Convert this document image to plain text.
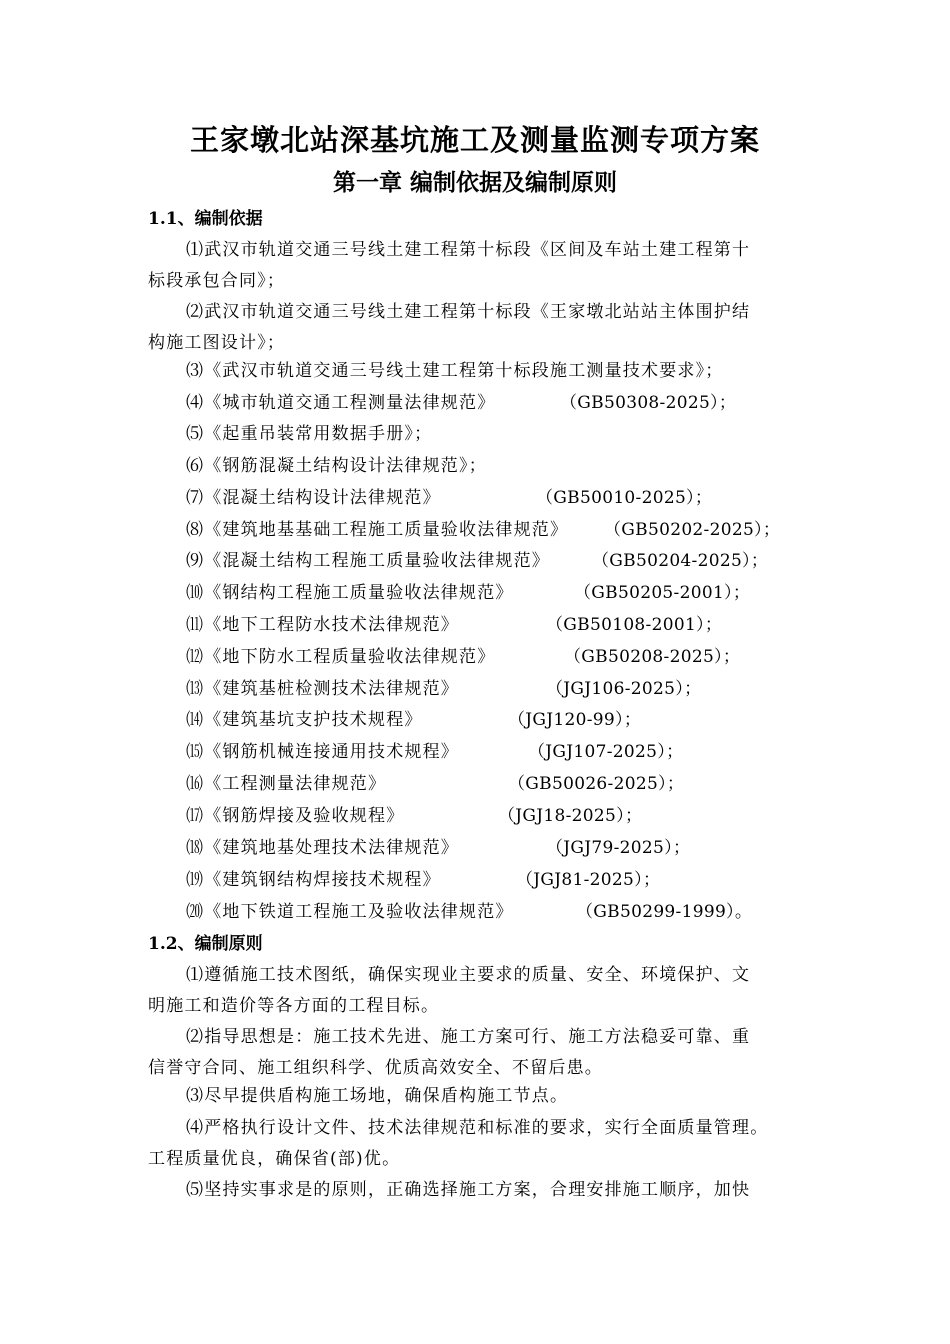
王家墩北站深基坑施工及测量监测专项方案
第一章 编制依据及编制原则
1.1、编制依据
⑴武汉市轨道交通三号线土建工程第十标段《区间及车站土建工程第十
标段承包合同》；
⑵武汉市轨道交通三号线土建工程第十标段《王家墩北站站主体围护结
构施工图设计》；
⑶《武汉市轨道交通三号线土建工程第十标段施工测量技术要求》；
⑷《城市轨道交通工程测量法律规范》	（GB50308-2025）；
⑸《起重吊装常用数据手册》；
⑹《钢筋混凝土结构设计法律规范》；
⑺《混凝土结构设计法律规范》	（GB50010-2025）；
⑻《建筑地基基础工程施工质量验收法律规范》 （GB50202-2025）；
⑼《混凝土结构工程施工质量验收法律规范》 （GB50204-2025）；
⑽《钢结构工程施工质量验收法律规范》	（GB50205-2001）；
⑾《地下工程防水技术法律规范》	（GB50108-2001）；
⑿《地下防水工程质量验收法律规范》	（GB50208-2025）；
⒀《建筑基桩检测技术法律规范》	（JGJ106-2025）；
⒁《建筑基坑支护技术规程》	（JGJ120-99）；
⒂《钢筋机械连接通用技术规程》	（JGJ107-2025）；
⒃《工程测量法律规范》	（GB50026-2025）；
⒄《钢筋焊接及验收规程》	（JGJ18-2025）；
⒅《建筑地基处理技术法律规范》	（JGJ79-2025）；
⒆《建筑钢结构焊接技术规程》	（JGJ81-2025）；
⒇《地下铁道工程施工及验收法律规范》	（GB50299-1999）。
1.2、编制原则
⑴遵循施工技术图纸，确保实现业主要求的质量、安全、环境保护、文
明施工和造价等各方面的工程目标。
⑵指导思想是：施工技术先进、施工方案可行、施工方法稳妥可靠、重
信誉守合同、施工组织科学、优质高效安全、不留后患。
⑶尽早提供盾构施工场地，确保盾构施工节点。
⑷严格执行设计文件、技术法律规范和标准的要求，实行全面质量管理。
工程质量优良，确保省(部)优。
⑸坚持实事求是的原则，正确选择施工方案，合理安排施工顺序，加快
